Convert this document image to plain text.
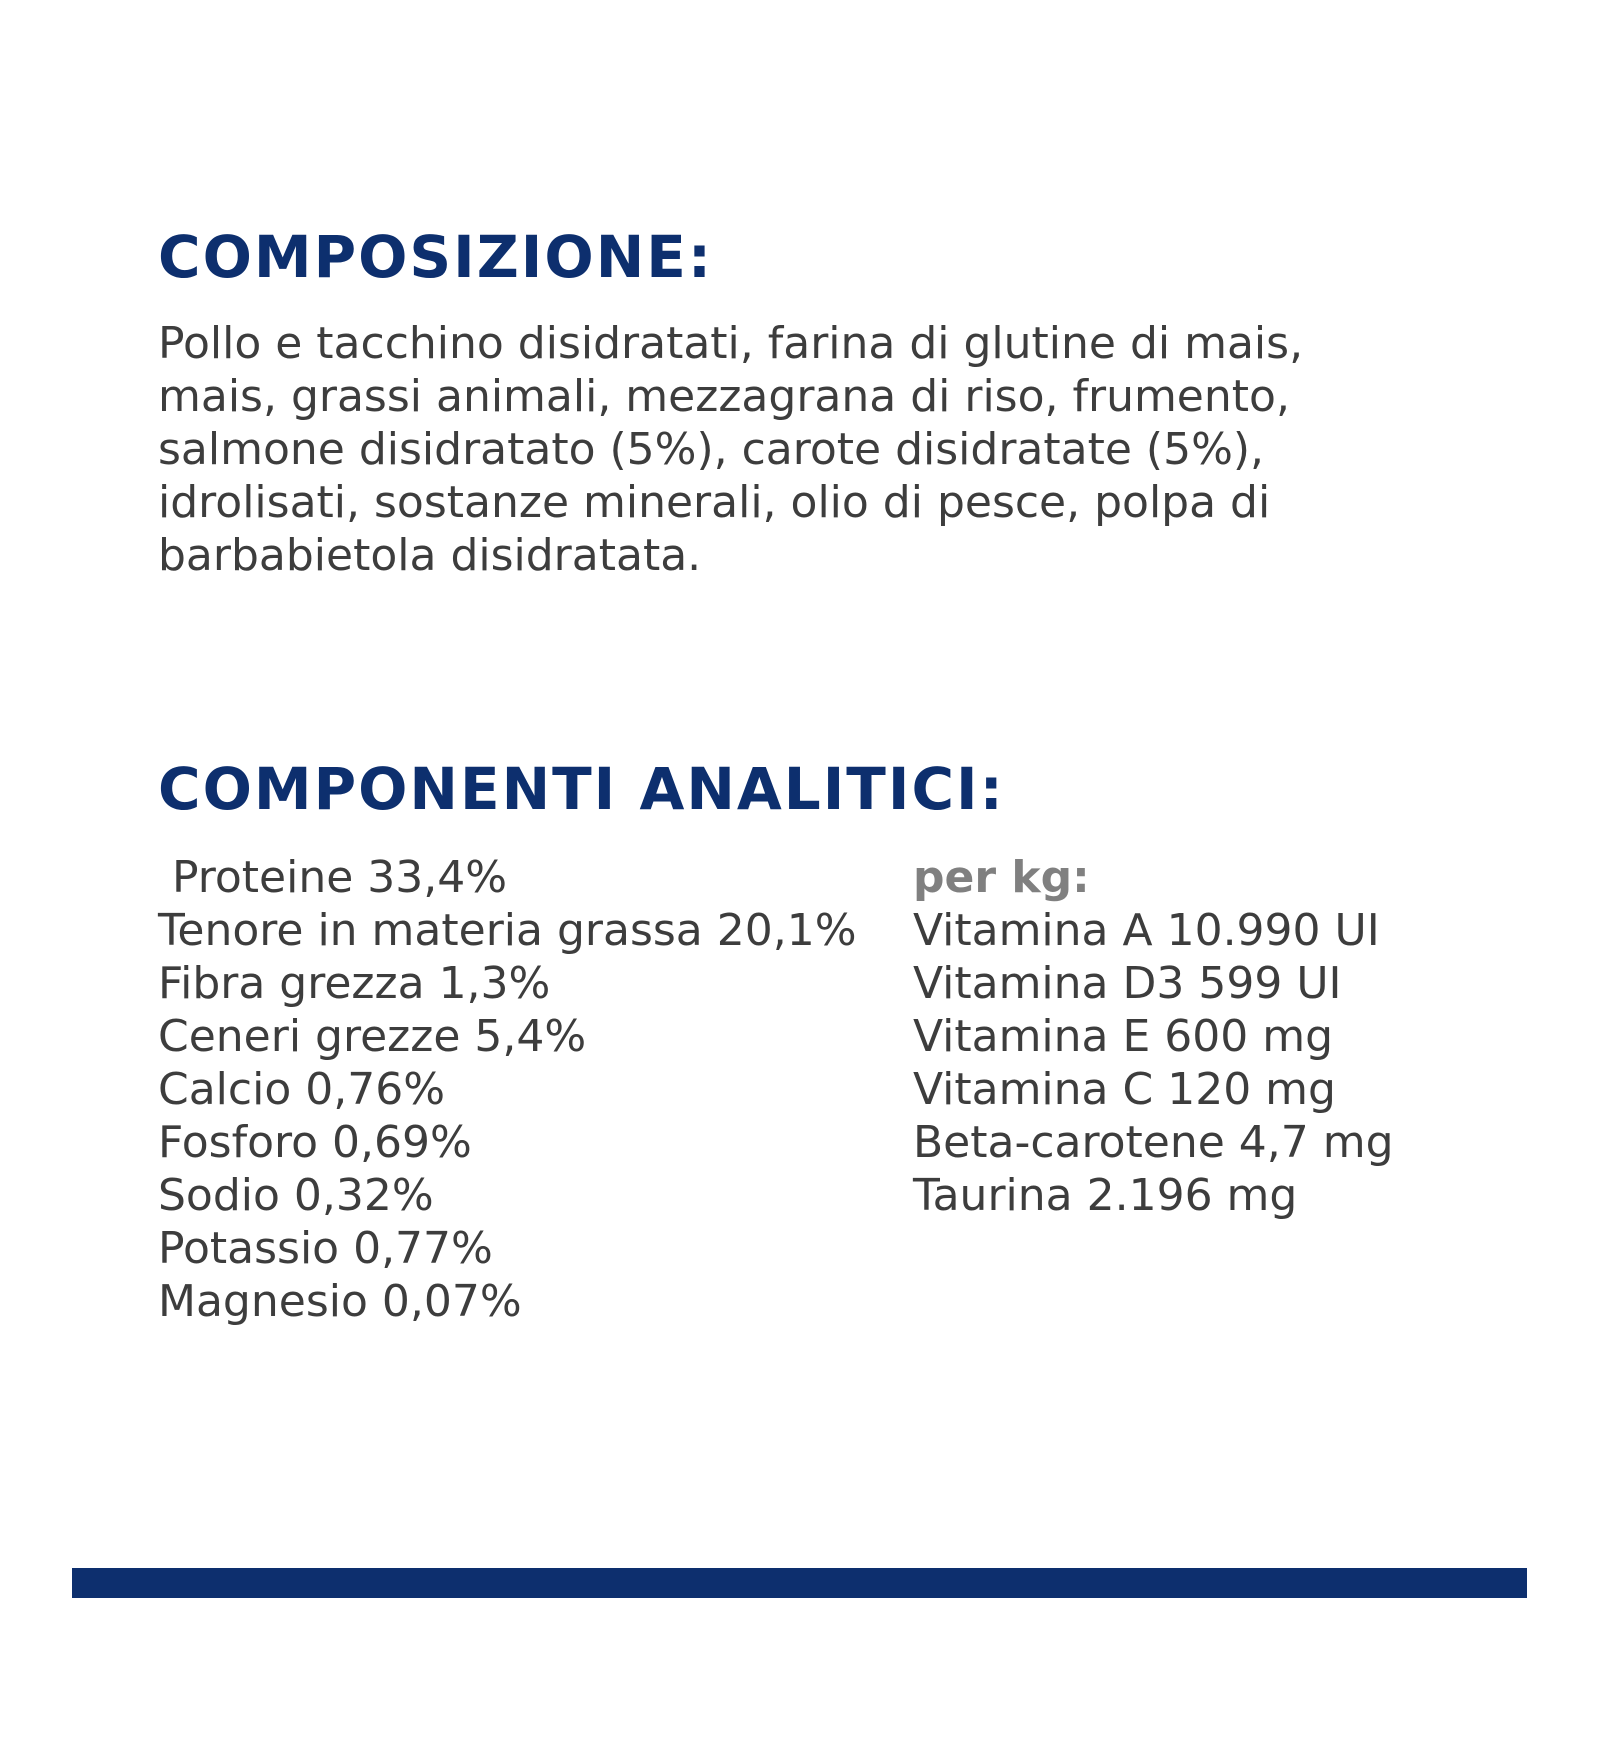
COMPOSIZIONE:

Pollo e tacchino disidratati, farina di glutine di mais,
mais, grassi animali, mezzagrana di riso, frumento,
salmone disidratato (5%), carote disidratate (5%),
idrolisati, sostanze minerali, olio di pesce, polpa di
barbabietola disidratata.

COMPONENTI ANALITICI:
Proteine 33,4%
Tenore in materia grassa 20,1%
Fibra grezza 1,3%
Ceneri grezze 5,4%
Calcio 0,76%
Fosforo 0,69%
Sodio 0,32%
Potassio 0,77%
Magnesio 0,07%
per kg:
Vitamina A 10.990 UI
Vitamina D3 599 UI
Vitamina E 600 mg
Vitamina C 120 mg
Beta-carotene 4,7 mg
Taurina 2.196 mg
